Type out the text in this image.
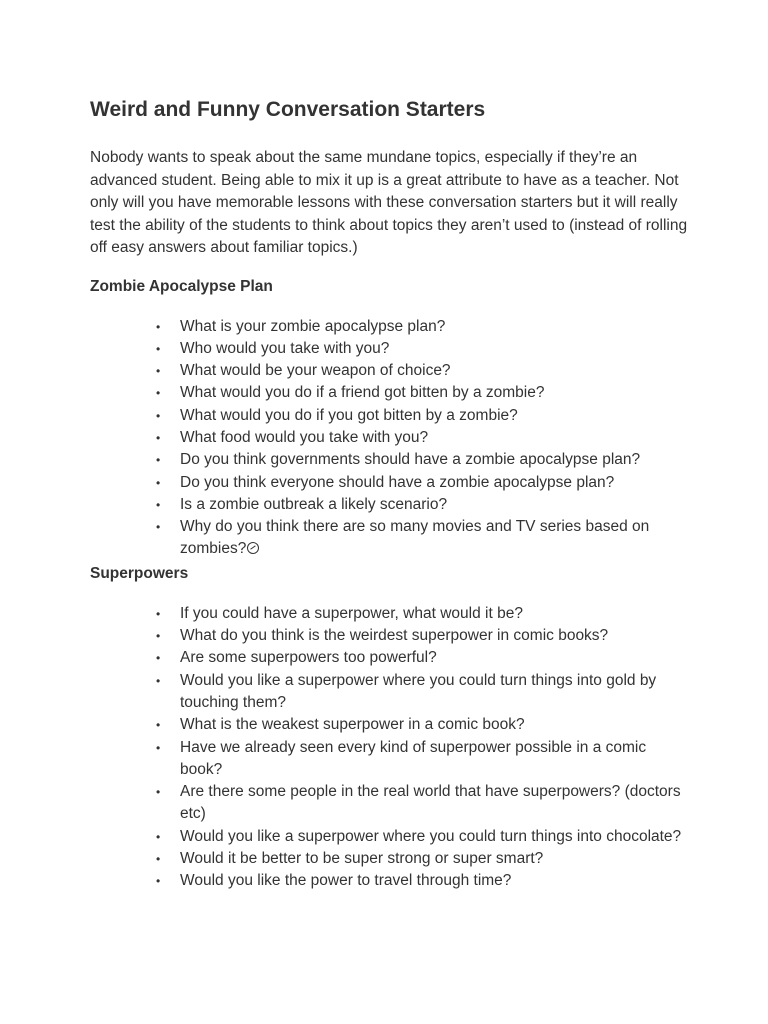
Weird and Funny Conversation Starters

Nobody wants to speak about the same mundane topics, especially if they’re an advanced student. Being able to mix it up is a great attribute to have as a teacher. Not only will you have memorable lessons with these conversation starters but it will really test the ability of the students to think about topics they aren’t used to (instead of rolling off easy answers about familiar topics.)

Zombie Apocalypse Plan
• What is your zombie apocalypse plan?
• Who would you take with you?
• What would be your weapon of choice?
• What would you do if a friend got bitten by a zombie?
• What would you do if you got bitten by a zombie?
• What food would you take with you?
• Do you think governments should have a zombie apocalypse plan?
• Do you think everyone should have a zombie apocalypse plan?
• Is a zombie outbreak a likely scenario?
• Why do you think there are so many movies and TV series based on zombies?
Superpowers
• If you could have a superpower, what would it be?
• What do you think is the weirdest superpower in comic books?
• Are some superpowers too powerful?
• Would you like a superpower where you could turn things into gold by touching them?
• What is the weakest superpower in a comic book?
• Have we already seen every kind of superpower possible in a comic book?
• Are there some people in the real world that have superpowers? (doctors etc)
• Would you like a superpower where you could turn things into chocolate?
• Would it be better to be super strong or super smart?
• Would you like the power to travel through time?
